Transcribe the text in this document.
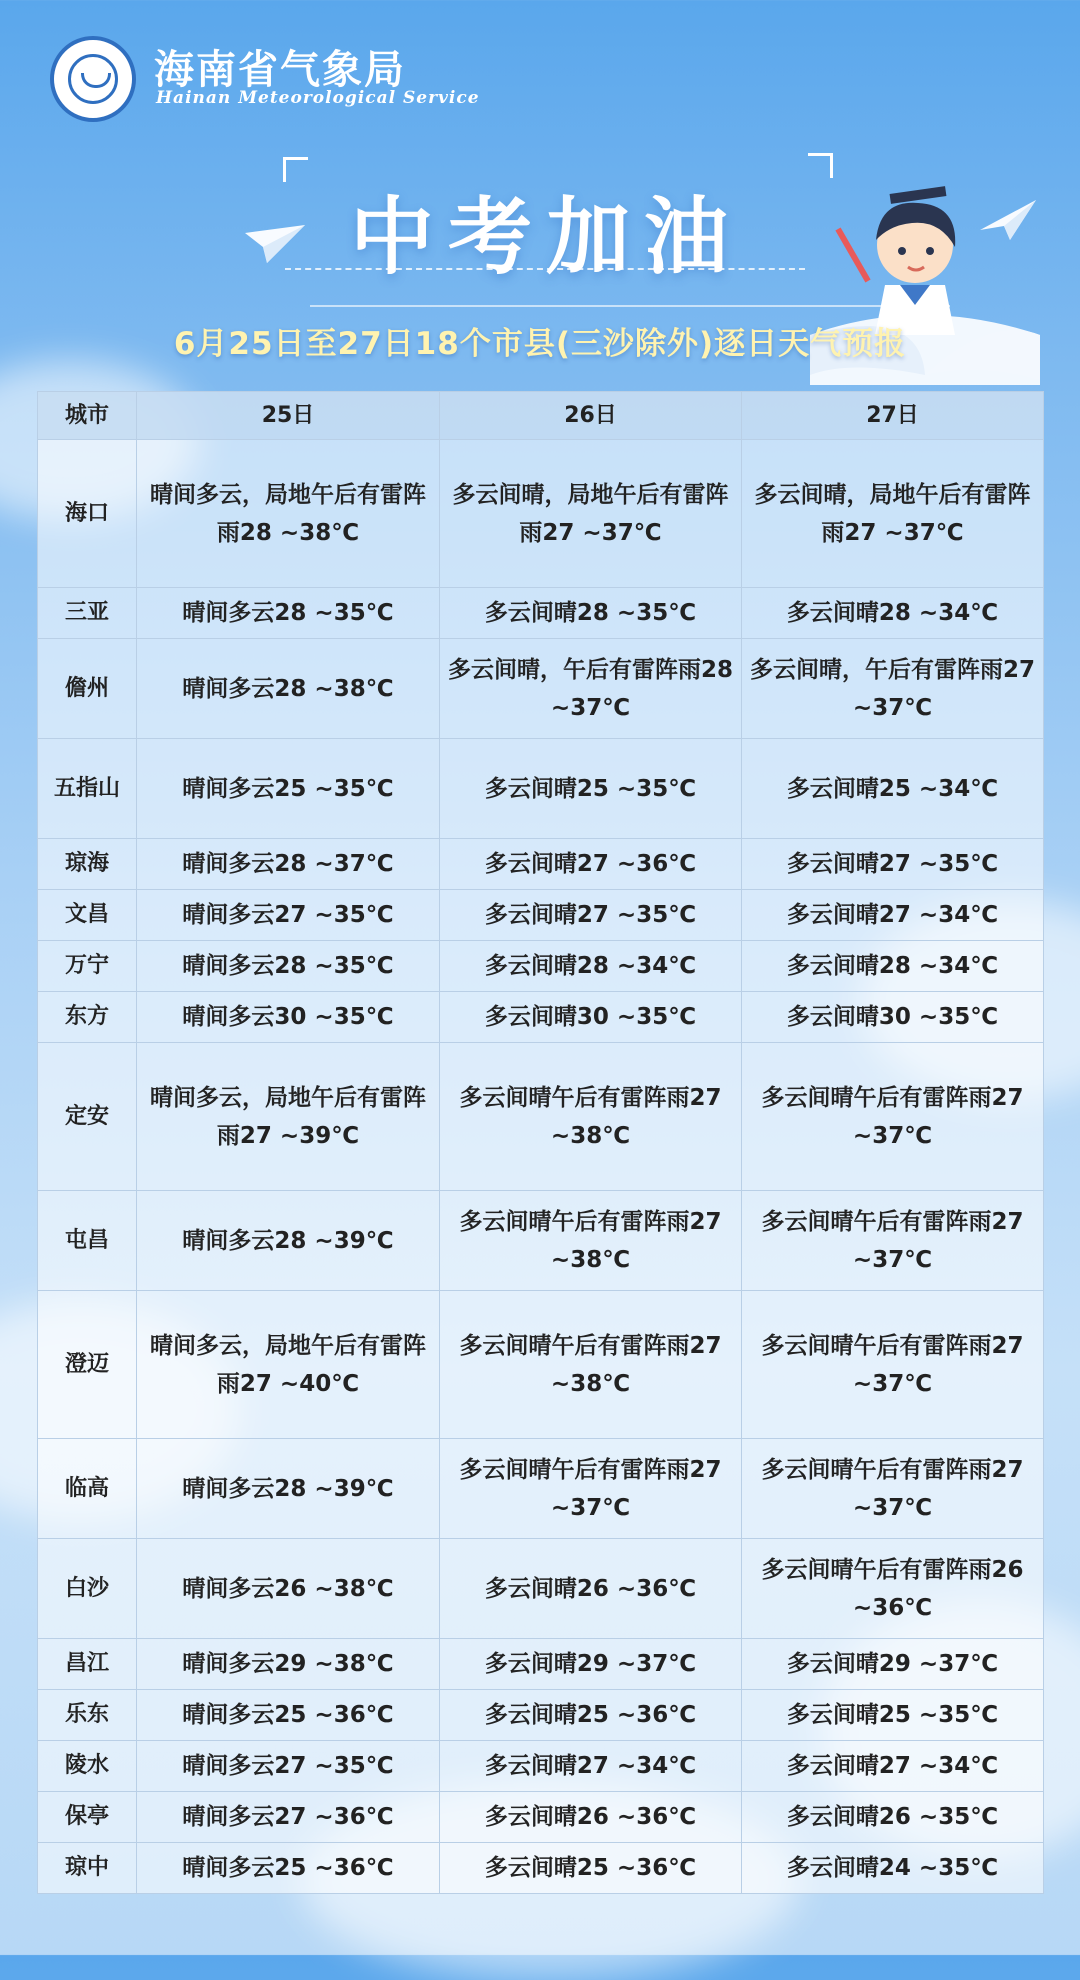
海南省气象局
Hainan Meteorological Service
中考加油
6月25日至27日18个市县(三沙除外)逐日天气预报
城市	25日	26日	27日
海口	晴间多云，局地午后有雷阵雨28 ~38℃	多云间晴，局地午后有雷阵雨27 ~37℃	多云间晴，局地午后有雷阵雨27 ~37℃
三亚	晴间多云28 ~35℃	多云间晴28 ~35℃	多云间晴28 ~34℃
儋州	晴间多云28 ~38℃	多云间晴，午后有雷阵雨28 ~37℃	多云间晴，午后有雷阵雨27 ~37℃
五指山	晴间多云25 ~35℃	多云间晴25 ~35℃	多云间晴25 ~34℃
琼海	晴间多云28 ~37℃	多云间晴27 ~36℃	多云间晴27 ~35℃
文昌	晴间多云27 ~35℃	多云间晴27 ~35℃	多云间晴27 ~34℃
万宁	晴间多云28 ~35℃	多云间晴28 ~34℃	多云间晴28 ~34℃
东方	晴间多云30 ~35℃	多云间晴30 ~35℃	多云间晴30 ~35℃
定安	晴间多云，局地午后有雷阵雨27 ~39℃	多云间晴午后有雷阵雨27 ~38℃	多云间晴午后有雷阵雨27 ~37℃
屯昌	晴间多云28 ~39℃	多云间晴午后有雷阵雨27 ~38℃	多云间晴午后有雷阵雨27 ~37℃
澄迈	晴间多云，局地午后有雷阵雨27 ~40℃	多云间晴午后有雷阵雨27 ~38℃	多云间晴午后有雷阵雨27 ~37℃
临高	晴间多云28 ~39℃	多云间晴午后有雷阵雨27 ~37℃	多云间晴午后有雷阵雨27 ~37℃
白沙	晴间多云26 ~38℃	多云间晴26 ~36℃	多云间晴午后有雷阵雨26 ~36℃
昌江	晴间多云29 ~38℃	多云间晴29 ~37℃	多云间晴29 ~37℃
乐东	晴间多云25 ~36℃	多云间晴25 ~36℃	多云间晴25 ~35℃
陵水	晴间多云27 ~35℃	多云间晴27 ~34℃	多云间晴27 ~34℃
保亭	晴间多云27 ~36℃	多云间晴26 ~36℃	多云间晴26 ~35℃
琼中	晴间多云25 ~36℃	多云间晴25 ~36℃	多云间晴24 ~35℃
